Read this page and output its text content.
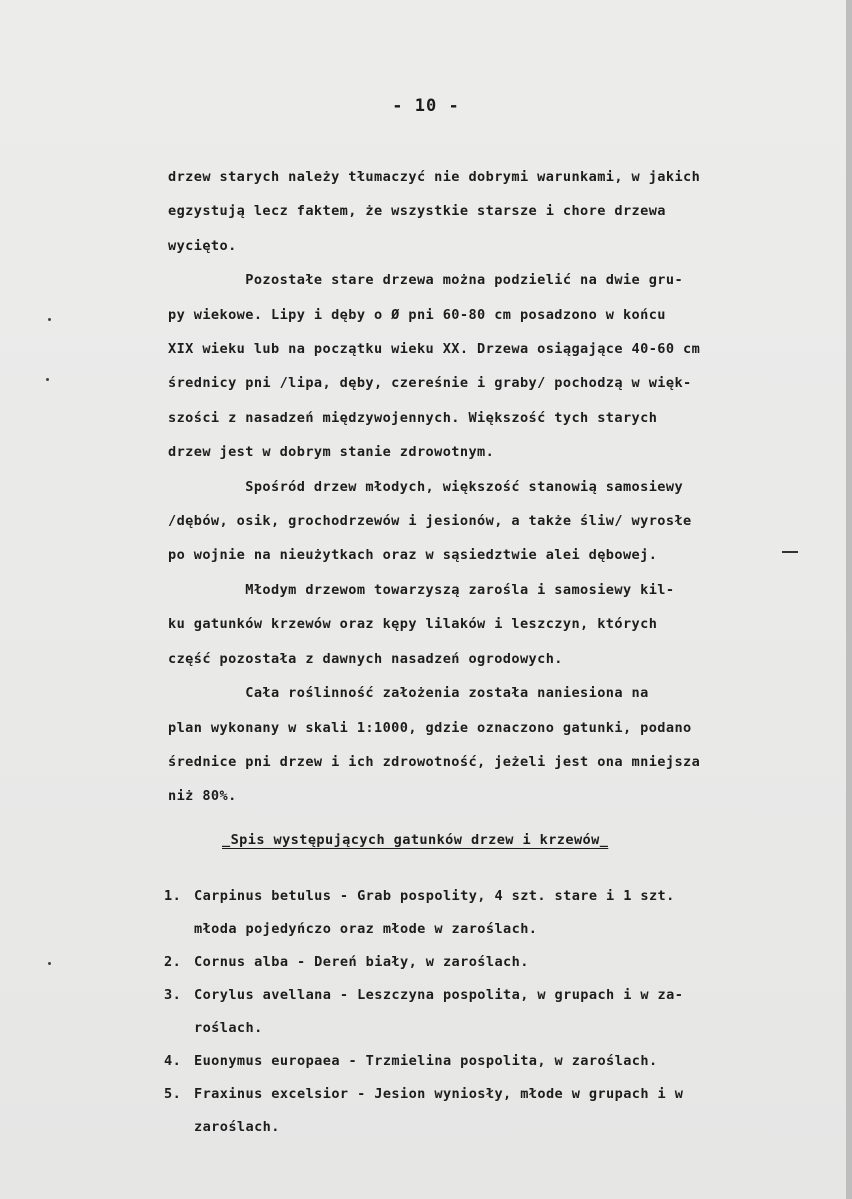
- 10 -

drzew starych należy tłumaczyć nie dobrymi warunkami, w jakich
egzystują lecz faktem, że wszystkie starsze i chore drzewa
wycięto.

Pozostałe stare drzewa można podzielić na dwie gru-
py wiekowe. Lipy i dęby o Ø pni 60-80 cm posadzono w końcu
XIX wieku lub na początku wieku XX. Drzewa osiągające 40-60 cm
średnicy pni /lipa, dęby, czereśnie i graby/ pochodzą w więk-
szości z nasadzeń międzywojennych. Większość tych starych
drzew jest w dobrym stanie zdrowotnym.

Spośród drzew młodych, większość stanowią samosiewy
/dębów, osik, grochodrzewów i jesionów, a także śliw/ wyrosłe
po wojnie na nieużytkach oraz w sąsiedztwie alei dębowej.

Młodym drzewom towarzyszą zarośla i samosiewy kil-
ku gatunków krzewów oraz kępy lilaków i leszczyn, których
część pozostała z dawnych nasadzeń ogrodowych.

Cała roślinność założenia została naniesiona na
plan wykonany w skali 1:1000, gdzie oznaczono gatunki, podano
średnice pni drzew i ich zdrowotność, jeżeli jest ona mniejsza
niż 80%.

_Spis występujących gatunków drzew i krzewów_
1. Carpinus betulus - Grab pospolity, 4 szt. stare i 1 szt.
młoda pojedyńczo oraz młode w zaroślach.
2. Cornus alba - Dereń biały, w zaroślach.
3. Corylus avellana - Leszczyna pospolita, w grupach i w za-
roślach.
4. Euonymus europaea - Trzmielina pospolita, w zaroślach.
5. Fraxinus excelsior - Jesion wyniosły, młode w grupach i w
zaroślach.
